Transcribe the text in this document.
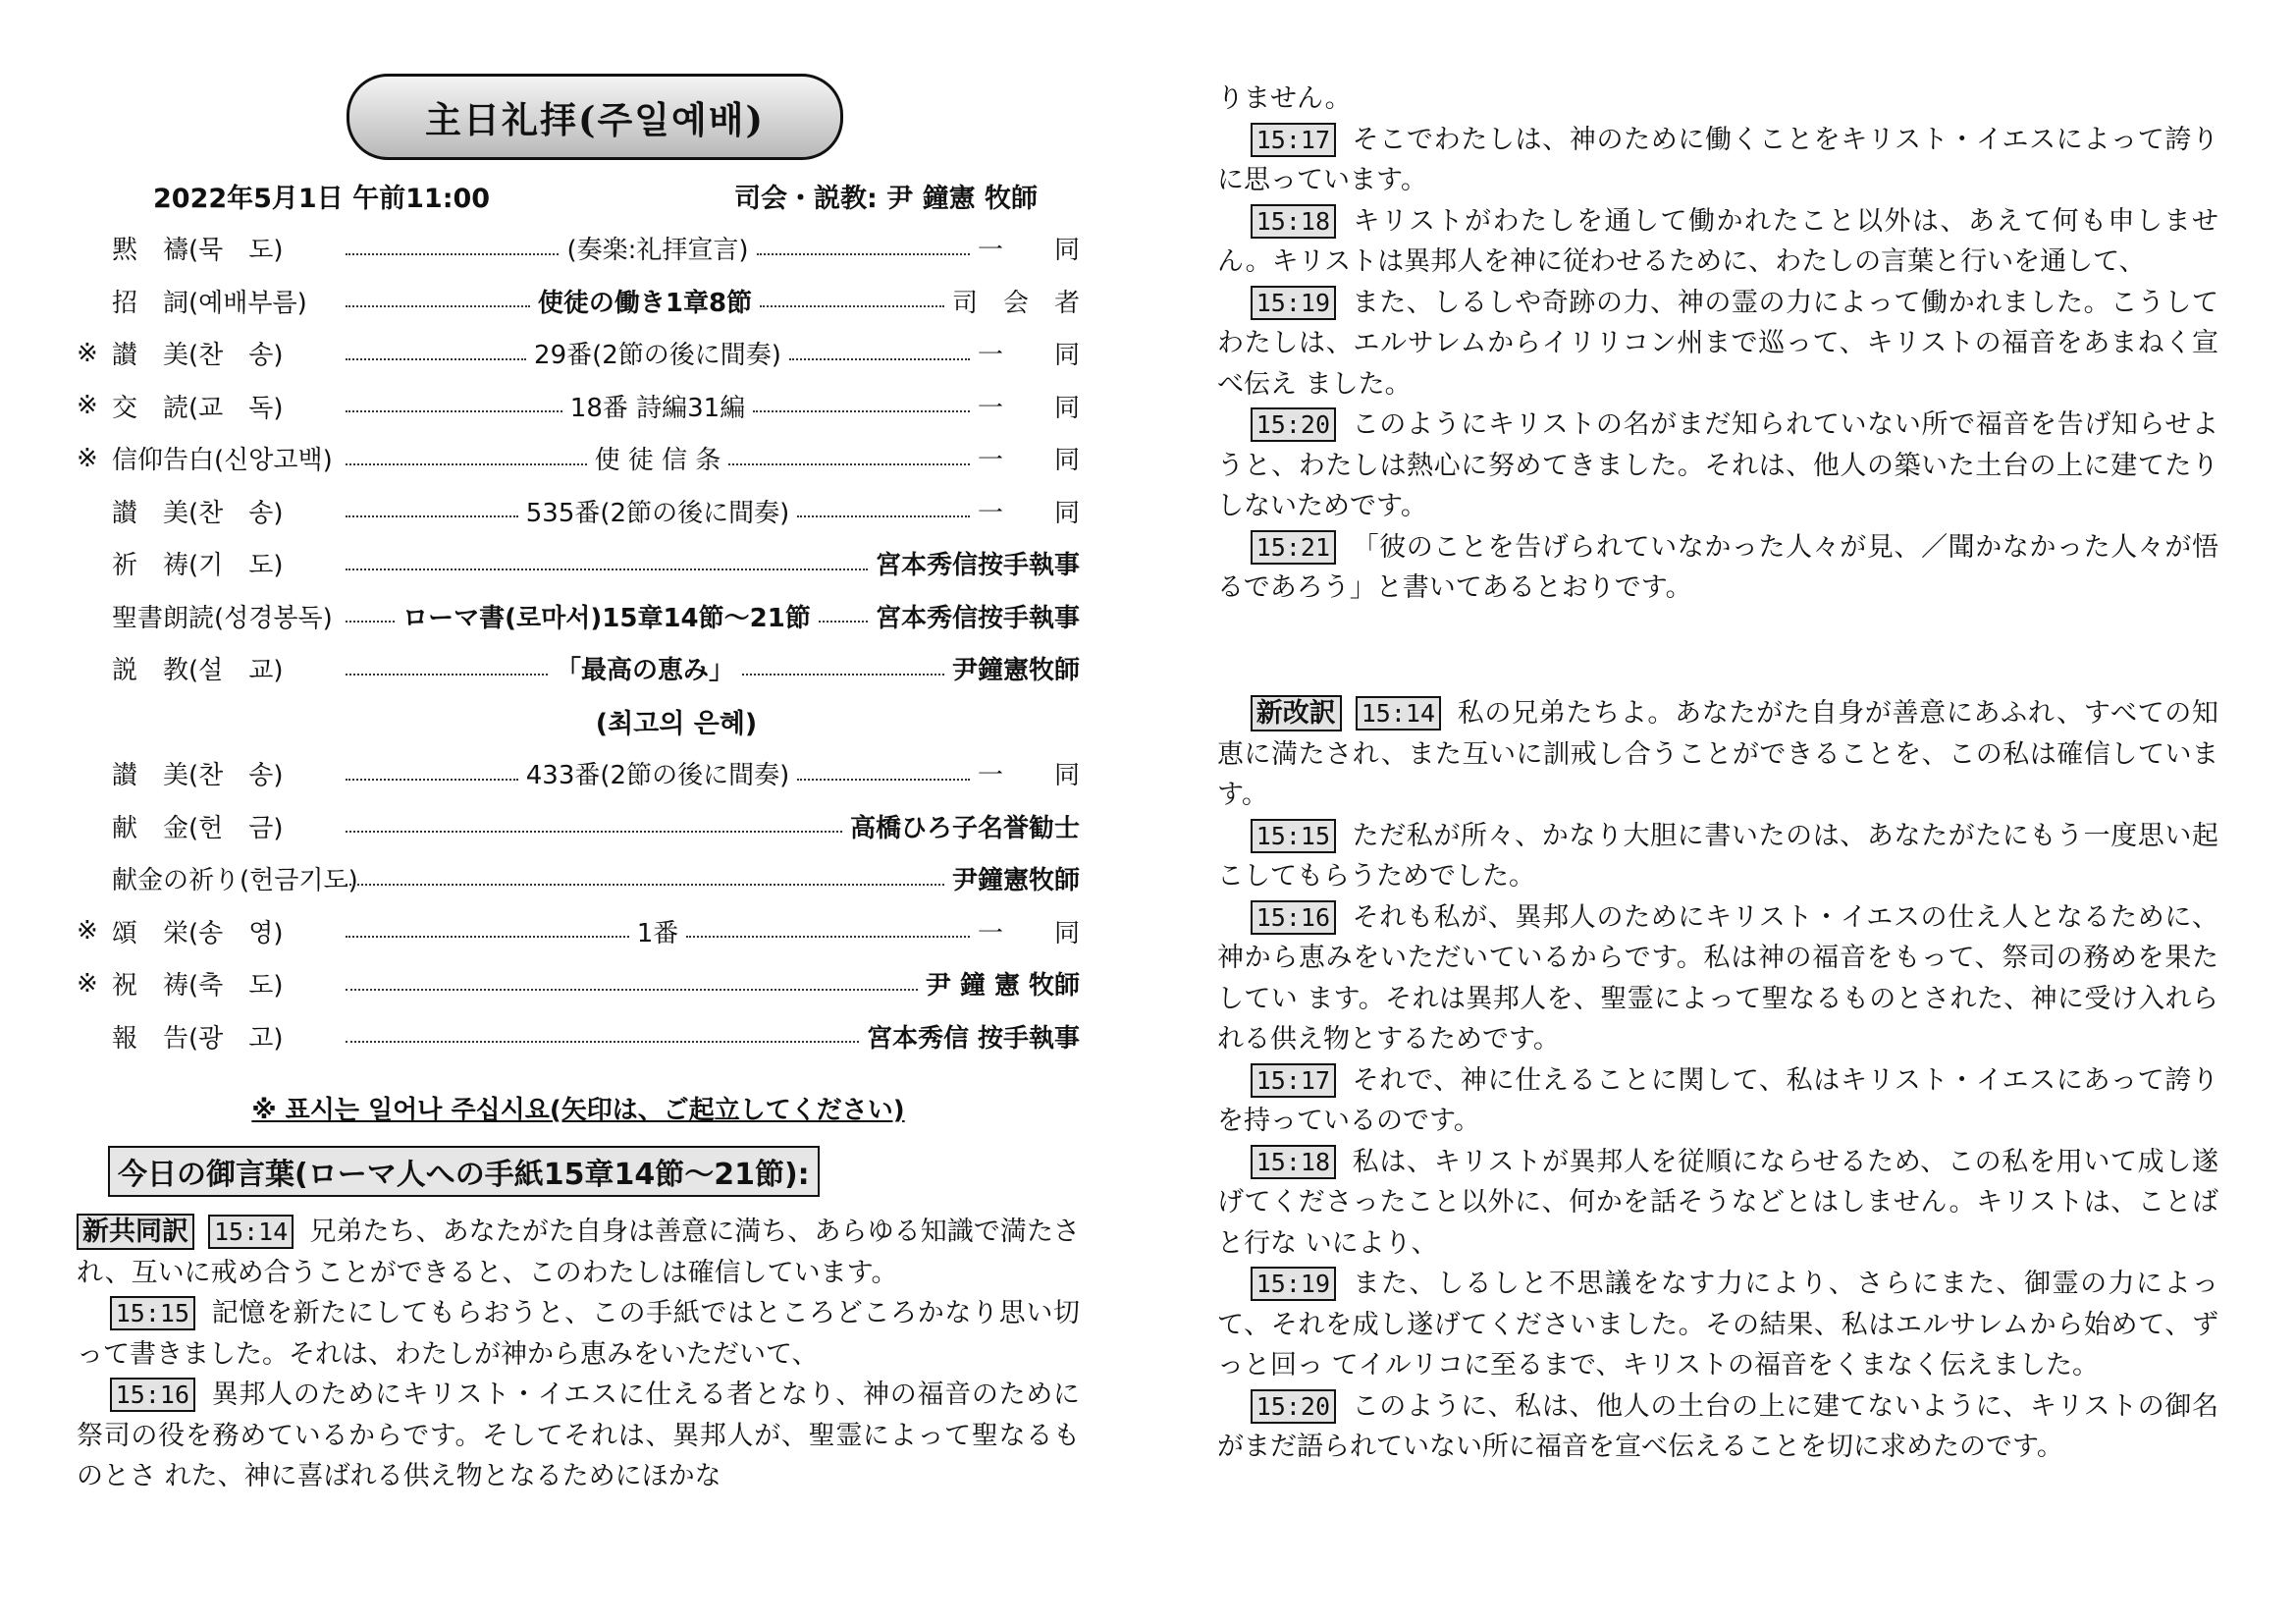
主日礼拝(주일예배)
2022年5月1日 午前11:00	司会・説教: 尹 鐘憲 牧師
黙　禱(묵　도)	(奏楽:礼拝宣言)	一　　同
招　詞(예배부름)	使徒の働き1章8節	司　会　者
※ 讃　美(찬　송)	29番(2節の後に間奏)	一　　同
※ 交　読(교　독)	18番 詩編31編	一　　同
※ 信仰告白(신앙고백)	使 徒 信 条	一　　同
讃　美(찬　송)	535番(2節の後に間奏)	一　　同
祈　祷(기　도)	宮本秀信按手執事
聖書朗読(성경봉독)	ローマ書(로마서)15章14節～21節	宮本秀信按手執事
説　教(설　교)	「最高の恵み」	尹鐘憲牧師
(최고의 은혜)
讃　美(찬　송)	433番(2節の後に間奏)	一　　同
献　金(헌　금)	高橋ひろ子名誉勧士
献金の祈り(헌금기도)	尹鐘憲牧師
※ 頌　栄(송　영)	1番	一　　同
※ 祝　祷(축　도)	尹 鐘 憲 牧師
報　告(광　고)	宮本秀信 按手執事
※ 표시는 일어나 주십시요(矢印は、ご起立してください)
今日の御言葉(ローマ人への手紙15章14節～21節):

新共同訳 15:14 兄弟たち、あなたがた自身は善意に満ち、あらゆる知識で満たされ、互いに戒め合うことができると、このわたしは確信しています。

15:15 記憶を新たにしてもらおうと、この手紙ではところどころかなり思い切って書きました。それは、わたしが神から恵みをいただいて、

15:16 異邦人のためにキリスト・イエスに仕える者となり、神の福音のために祭司の役を務めているからです。そしてそれは、異邦人が、聖霊によって聖なるものとさ れた、神に喜ばれる供え物となるためにほかな

りません。

15:17 そこでわたしは、神のために働くことをキリスト・イエスによって誇りに思っています。

15:18 キリストがわたしを通して働かれたこと以外は、あえて何も申しません。キリストは異邦人を神に従わせるために、わたしの言葉と行いを通して、

15:19 また、しるしや奇跡の力、神の霊の力によって働かれました。こうしてわたしは、エルサレムからイリリコン州まで巡って、キリストの福音をあまねく宣べ伝え ました。

15:20 このようにキリストの名がまだ知られていない所で福音を告げ知らせようと、わたしは熱心に努めてきました。それは、他人の築いた土台の上に建てたりしないためです。

15:21 「彼のことを告げられていなかった人々が見、／聞かなかった人々が悟るであろう」と書いてあるとおりです。

新改訳 15:14 私の兄弟たちよ。あなたがた自身が善意にあふれ、すべての知恵に満たされ、また互いに訓戒し合うことができることを、この私は確信しています。

15:15 ただ私が所々、かなり大胆に書いたのは、あなたがたにもう一度思い起こしてもらうためでした。

15:16 それも私が、異邦人のためにキリスト・イエスの仕え人となるために、神から恵みをいただいているからです。私は神の福音をもって、祭司の務めを果たしてい ます。それは異邦人を、聖霊によって聖なるものとされた、神に受け入れられる供え物とするためです。

15:17 それで、神に仕えることに関して、私はキリスト・イエスにあって誇りを持っているのです。

15:18 私は、キリストが異邦人を従順にならせるため、この私を用いて成し遂げてくださったこと以外に、何かを話そうなどとはしません。キリストは、ことばと行な いにより、

15:19 また、しるしと不思議をなす力により、さらにまた、御霊の力によって、それを成し遂げてくださいました。その結果、私はエルサレムから始めて、ずっと回っ てイルリコに至るまで、キリストの福音をくまなく伝えました。

15:20 このように、私は、他人の土台の上に建てないように、キリストの御名がまだ語られていない所に福音を宣べ伝えることを切に求めたのです。
